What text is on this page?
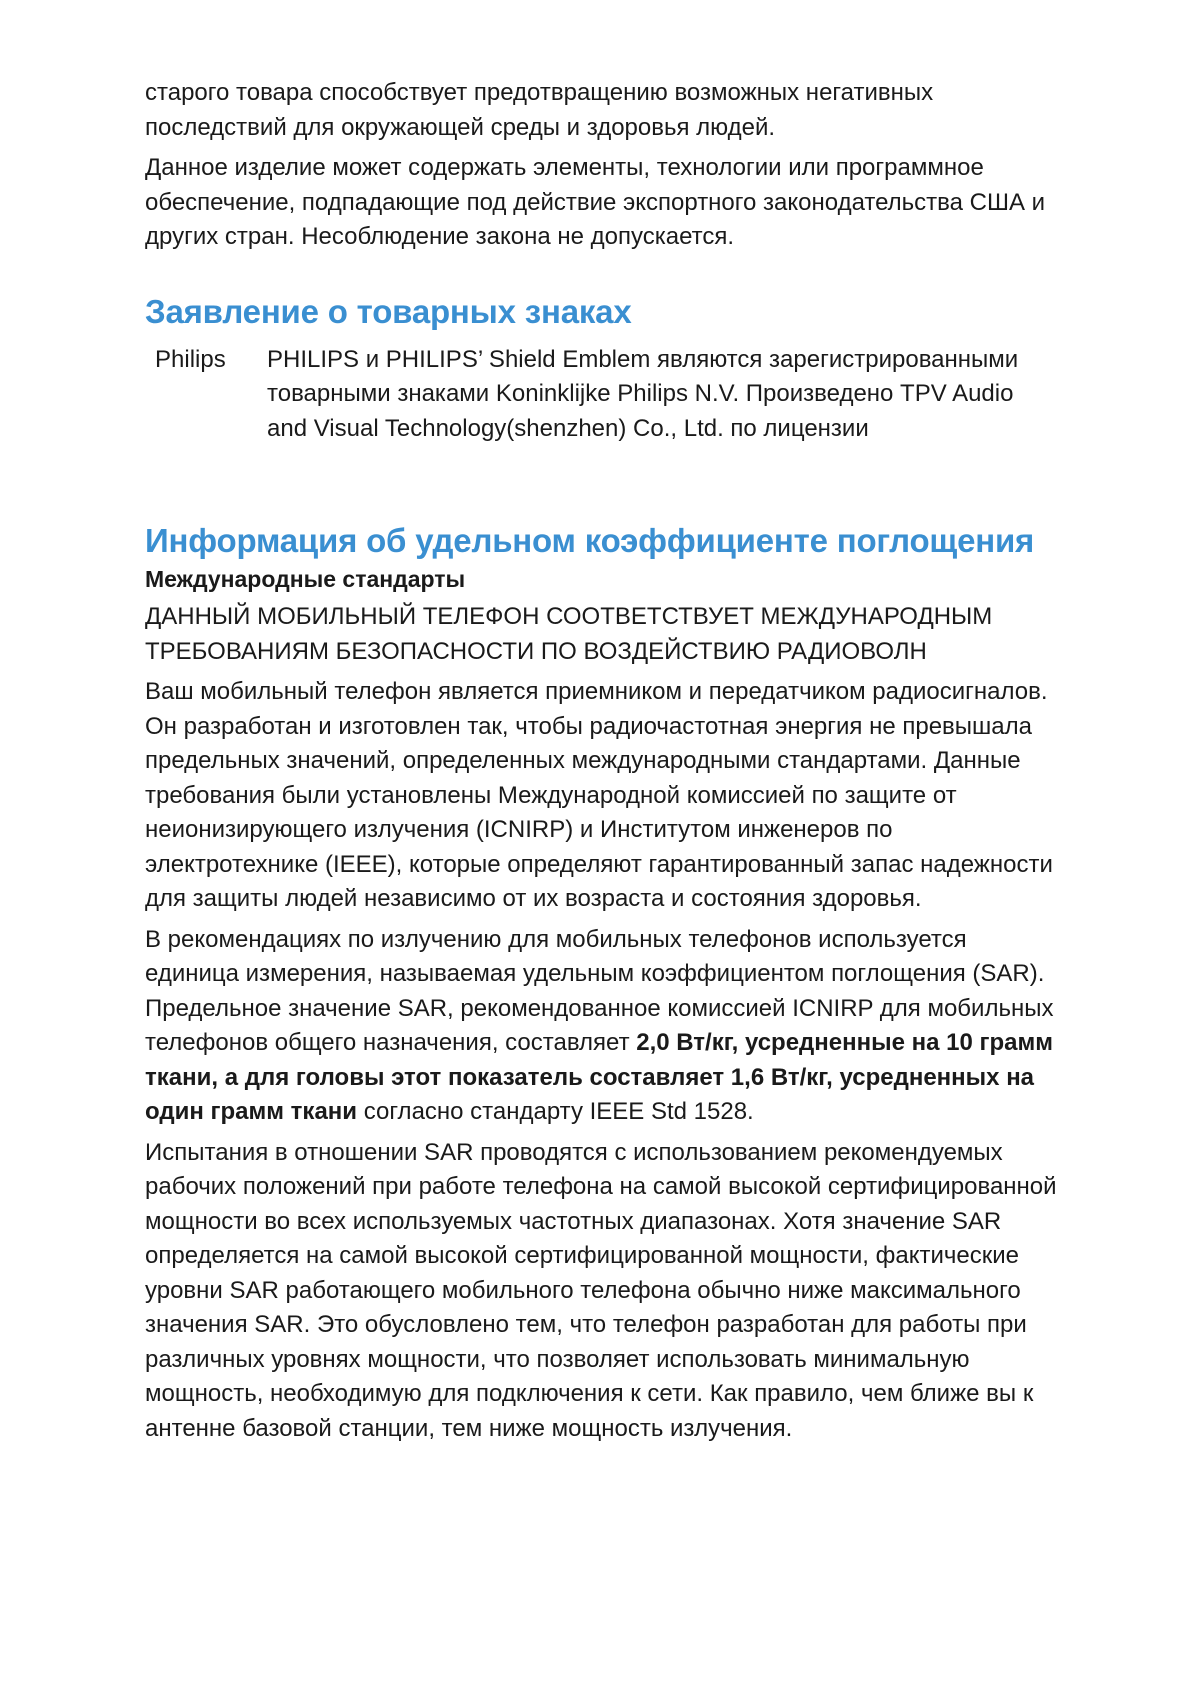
старого товара способствует предотвращению возможных негативных последствий для окружающей среды и здоровья людей.

Данное изделие может содержать элементы, технологии или программное обеспечение, подпадающие под действие экспортного законодательства США и других стран. Несоблюдение закона не допускается.

Заявление о товарных знаках
Philips	PHILIPS и PHILIPS’ Shield Emblem являются зарегистрированными товарными знаками Koninklijke Philips N.V. Произведено TPV Audio and Visual Technology(shenzhen) Co., Ltd. по лицензии
Информация об удельном коэффициенте поглощения
Международные стандарты

ДАННЫЙ МОБИЛЬНЫЙ ТЕЛЕФОН СООТВЕТСТВУЕТ МЕЖДУНАРОДНЫМ ТРЕБОВАНИЯМ БЕЗОПАСНОСТИ ПО ВОЗДЕЙСТВИЮ РАДИОВОЛН

Ваш мобильный телефон является приемником и передатчиком радиосигналов. Он разработан и изготовлен так, чтобы радиочастотная энергия не превышала предельных значений, определенных международными стандартами. Данные требования были установлены Международной комиссией по защите от неионизирующего излучения (ICNIRP) и Институтом инженеров по электротехнике (IEEE), которые определяют гарантированный запас надежности для защиты людей независимо от их возраста и состояния здоровья.

В рекомендациях по излучению для мобильных телефонов используется единица измерения, называемая удельным коэффициентом поглощения (SAR). Предельное значение SAR, рекомендованное комиссией ICNIRP для мобильных телефонов общего назначения, составляет 2,0 Вт/кг, усредненные на 10 грамм ткани, а для головы этот показатель составляет 1,6 Вт/кг, усредненных на один грамм ткани согласно стандарту IEEE Std 1528.

Испытания в отношении SAR проводятся с использованием рекомендуемых рабочих положений при работе телефона на самой высокой сертифицированной мощности во всех используемых частотных диапазонах. Хотя значение SAR определяется на самой высокой сертифицированной мощности, фактические уровни SAR работающего мобильного телефона обычно ниже максимального значения SAR. Это обусловлено тем, что телефон разработан для работы при различных уровнях мощности, что позволяет использовать минимальную мощность, необходимую для подключения к сети. Как правило, чем ближе вы к антенне базовой станции, тем ниже мощность излучения.
